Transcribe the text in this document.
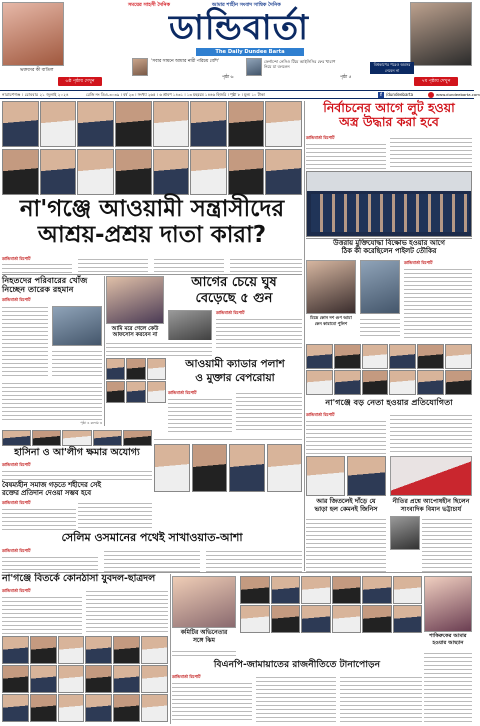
ভক্তদের কী বাতিল
৬ষ্ঠ পৃষ্ঠায় দেখুন
সময়ের সাহসী দৈনিক	আমার শাহীন সংবাদ সাম্বিক দৈনিক
ডান্ডিবার্তা
The Daily Dundee Barta
'সবার সামনে আমার নারী পরিচয় বেশি'
পৃষ্ঠা ৬
ফের্নান্দো নেসিও টিমে আইসিসির ফের খারাপ নিয়ে যা বললেন
পৃষ্ঠা ৫
বিশ্বকাপের পরেও অবসর নেবেন না
৭ম পৃষ্ঠায় দেখুন
নারায়ণগঞ্জ । রোববার ২১ জুলাই ২০২৪	রেজি নং ডিএ-৩০৩৯ । বর্ষ ২৩ । সংখ্যা ২৬৫ । ৬ শ্রাবণ ১৪৩১ । ১৩ মহররম ১৪৪৬ হিজরি । পৃষ্ঠা ৮ । মূল্য ১০ টাকা	f	/dundeebarta	www.dundeebarta.com
না'গঞ্জে আওয়ামী সন্ত্রাসীদের
আশ্রয়-প্রশ্রয় দাতা কারা?
ডান্ডিবার্তা রিপোর্ট
নির্বাচনের আগে লুট হওয়া
অস্ত্র উদ্ধার করা হবে
ডান্ডিবার্তা রিপোর্ট
নিহতদের পরিবারের খোঁজ
নিচ্ছেন তারেক রহমান
ডান্ডিবার্তা রিপোর্ট
পৃষ্ঠা ৪ কলাম ৩
আমি মরে গেলে কেউ আফসোস করবেন না
আগের চেয়ে ঘুষ
বেড়েছে ৫ গুন
ডান্ডিবার্তা রিপোর্ট
আওয়ামী ক্যাডার পলাশ
ও মুক্তার বেপরোয়া
ডান্ডিবার্তা রিপোর্ট
হাসিনা ও আ'লীগ ক্ষমার অযোগ্য
ডান্ডিবার্তা রিপোর্ট
বৈষম্যহীন সমাজ গড়তে শহীদের সেই
রক্তের প্রতিদান দেওয়া সম্ভব হবে
ডান্ডিবার্তা রিপোর্ট
সেলিম ওসমানের পথেই সাখাওয়াত-আশা
ডান্ডিবার্তা রিপোর্ট
না'গঞ্জে বিতর্কে কোনঠাসা যুবদল-ছাত্রদল
ডান্ডিবার্তা রিপোর্ট
কমিটির অভিনেতার
সঙ্গে ঝিম
বিএনপি-জামায়াতের রাজনীতিতে টানাপোড়ন
ডান্ডিবার্তা রিপোর্ট
উত্তরায় মুক্তিযোদ্ধা বিক্ষোভ হওয়ার আগে
ঠিক কী করেছিলেন পাইলট তৌকির
মিস্ত্রে কোন দশ গুণ আমা
কেন কারাবো পুলিশ
ডান্ডিবার্তা রিপোর্ট
না'গঞ্জে বড় নেতা হওয়ার প্রতিযোগিতা
ডান্ডিবার্তা রিপোর্ট
আর জিতলেই দাঁড়ে যে
ভাড়া হল কেমনই জিনিস
নীতির প্রশ্নে আপোষহীন ছিলেন
সাংবাদিক বিমান ভট্টাচার্য
শাকিরুকের আমার
হওয়ার আছ্যান
